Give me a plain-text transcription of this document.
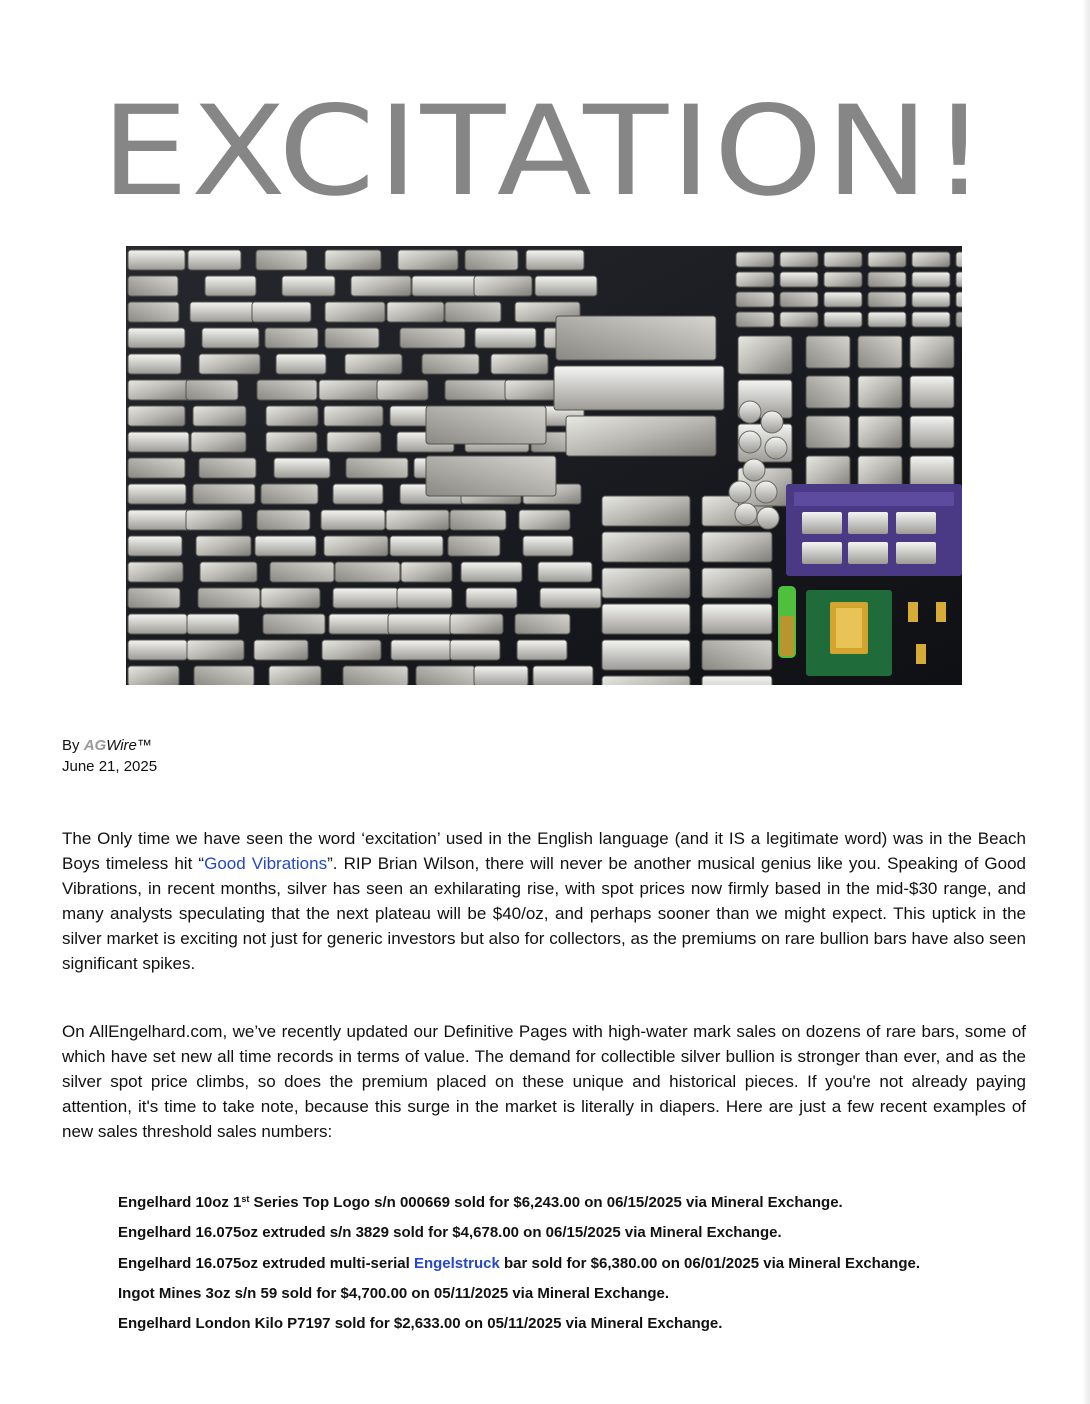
EXCITATION!
By AGWire™
June 21, 2025

The Only time we have seen the word ‘excitation’ used in the English language (and it IS a legitimate word) was in the Beach Boys timeless hit “Good Vibrations”. RIP Brian Wilson, there will never be another musical genius like you. Speaking of Good Vibrations, in recent months, silver has seen an exhilarating rise, with spot prices now firmly based in the mid-$30 range, and many analysts speculating that the next plateau will be $40/oz, and perhaps sooner than we might expect. This uptick in the silver market is exciting not just for generic investors but also for collectors, as the premiums on rare bullion bars have also seen significant spikes.

On AllEngelhard.com, we’ve recently updated our Definitive Pages with high-water mark sales on dozens of rare bars, some of which have set new all time records in terms of value. The demand for collectible silver bullion is stronger than ever, and as the silver spot price climbs, so does the premium placed on these unique and historical pieces. If you're not already paying attention, it's time to take note, because this surge in the market is literally in diapers. Here are just a few recent examples of new sales threshold sales numbers:

Engelhard 10oz 1st Series Top Logo s/n 000669 sold for $6,243.00 on 06/15/2025 via Mineral Exchange.
Engelhard 16.075oz extruded s/n 3829 sold for $4,678.00 on 06/15/2025 via Mineral Exchange.
Engelhard 16.075oz extruded multi-serial Engelstruck bar sold for $6,380.00 on 06/01/2025 via Mineral Exchange.
Ingot Mines 3oz s/n 59 sold for $4,700.00 on 05/11/2025 via Mineral Exchange.
Engelhard London Kilo P7197 sold for $2,633.00 on 05/11/2025 via Mineral Exchange.
